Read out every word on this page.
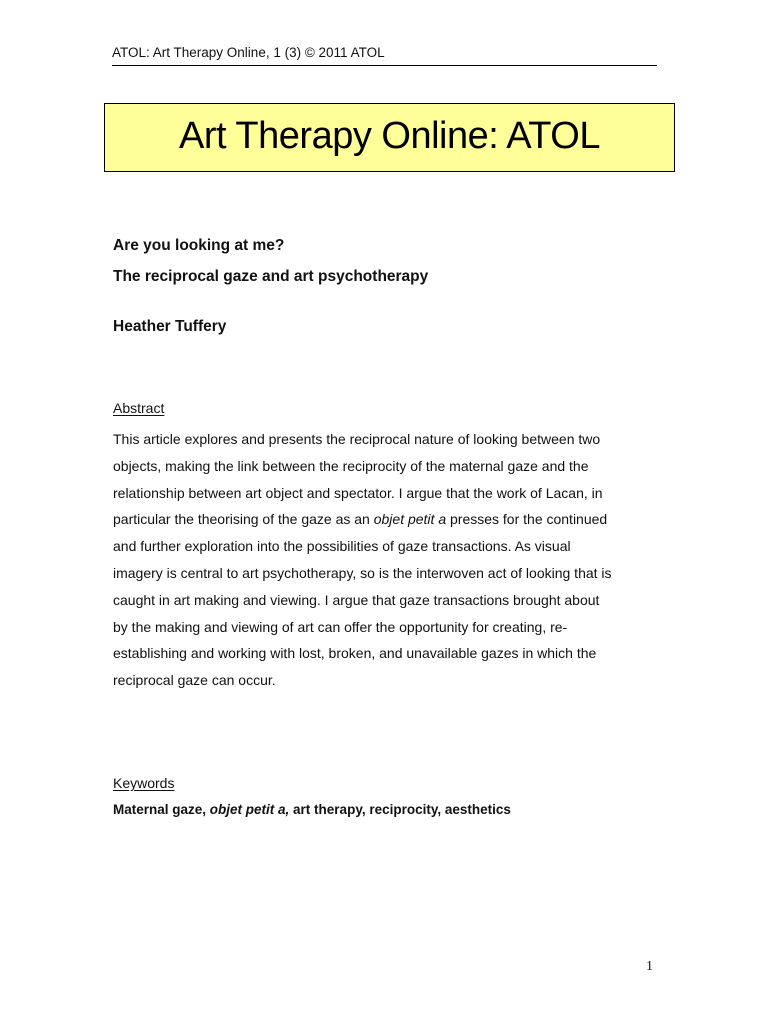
ATOL: Art Therapy Online, 1 (3) © 2011 ATOL
Art Therapy Online: ATOL
Are you looking at me?
The reciprocal gaze and art psychotherapy
Heather Tuffery
Abstract
This article explores and presents the reciprocal nature of looking between two
objects, making the link between the reciprocity of the maternal gaze and the
relationship between art object and spectator. I argue that the work of Lacan, in
particular the theorising of the gaze as an objet petit a presses for the continued
and further exploration into the possibilities of gaze transactions. As visual
imagery is central to art psychotherapy, so is the interwoven act of looking that is
caught in art making and viewing. I argue that gaze transactions brought about
by the making and viewing of art can offer the opportunity for creating, re-
establishing and working with lost, broken, and unavailable gazes in which the
reciprocal gaze can occur.
Keywords
Maternal gaze, objet petit a, art therapy, reciprocity, aesthetics
1
